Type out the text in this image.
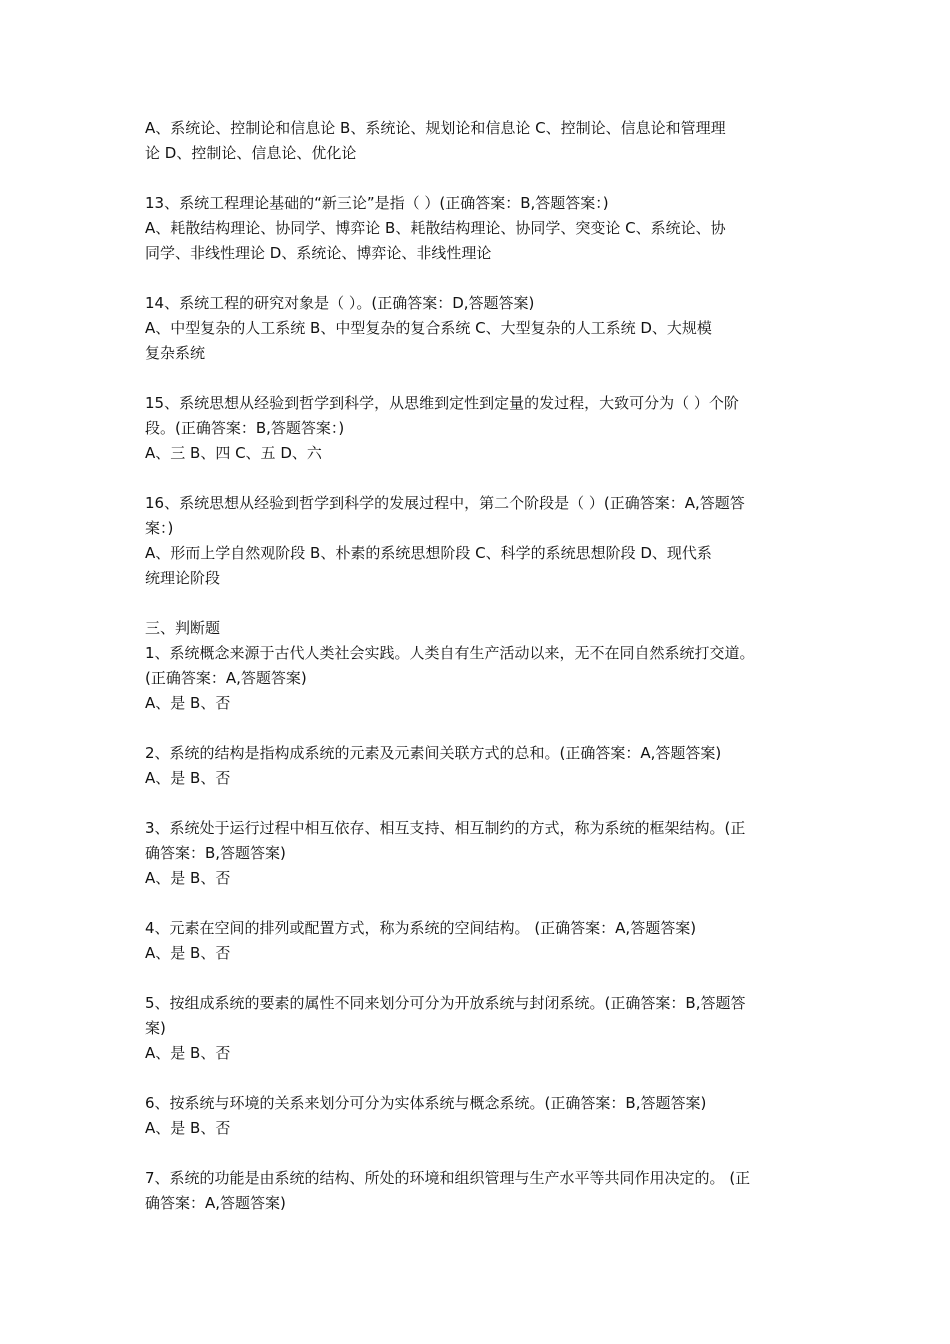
A、系统论、控制论和信息论 B、系统论、规划论和信息论 C、控制论、信息论和管理理
论 D、控制论、信息论、优化论
13、系统工程理论基础的“新三论”是指（ ）(正确答案：B,答题答案：)
A、耗散结构理论、协同学、博弈论 B、耗散结构理论、协同学、突变论 C、系统论、协
同学、非线性理论 D、系统论、博弈论、非线性理论
14、系统工程的研究对象是（ ）。(正确答案：D,答题答案)
A、中型复杂的人工系统 B、中型复杂的复合系统 C、大型复杂的人工系统 D、大规模
复杂系统
15、系统思想从经验到哲学到科学，从思维到定性到定量的发过程，大致可分为（ ）个阶
段。(正确答案：B,答题答案：)
A、三 B、四 C、五 D、六
16、系统思想从经验到哲学到科学的发展过程中，第二个阶段是（ ）(正确答案：A,答题答
案：)
A、形而上学自然观阶段 B、朴素的系统思想阶段 C、科学的系统思想阶段 D、现代系
统理论阶段
三、判断题
1、系统概念来源于古代人类社会实践。人类自有生产活动以来，无不在同自然系统打交道。
(正确答案：A,答题答案)
A、是 B、否
2、系统的结构是指构成系统的元素及元素间关联方式的总和。(正确答案：A,答题答案)
A、是 B、否
3、系统处于运行过程中相互依存、相互支持、相互制约的方式，称为系统的框架结构。(正
确答案：B,答题答案)
A、是 B、否
4、元素在空间的排列或配置方式，称为系统的空间结构。 (正确答案：A,答题答案)
A、是 B、否
5、按组成系统的要素的属性不同来划分可分为开放系统与封闭系统。(正确答案：B,答题答
案)
A、是 B、否
6、按系统与环境的关系来划分可分为实体系统与概念系统。(正确答案：B,答题答案)
A、是 B、否
7、系统的功能是由系统的结构、所处的环境和组织管理与生产水平等共同作用决定的。 (正
确答案：A,答题答案)
